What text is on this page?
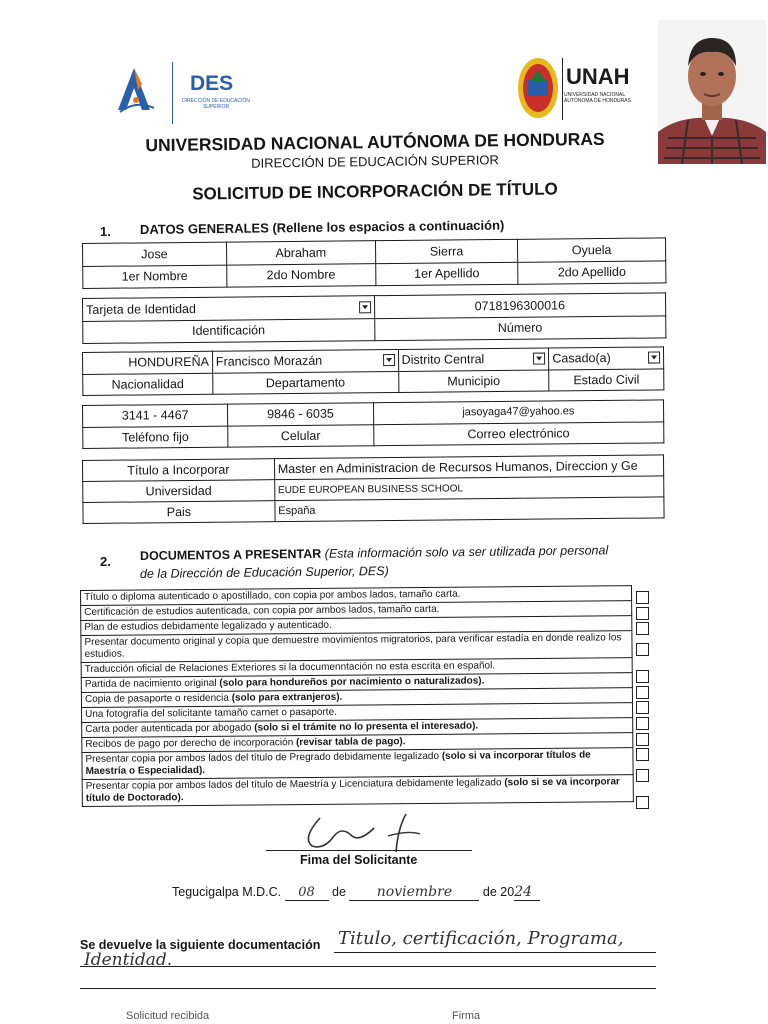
DES
DIRECCIÓN DE EDUCACIÓN SUPERIOR
UNAH
UNIVERSIDAD NACIONAL AUTÓNOMA DE HONDURAS
UNIVERSIDAD NACIONAL AUTÓNOMA DE HONDURAS
DIRECCIÓN DE EDUCACIÓN SUPERIOR
SOLICITUD DE INCORPORACIÓN DE TÍTULO
1. DATOS GENERALES (Rellene los espacios a continuación)
Jose	Abraham	Sierra	Oyuela
1er Nombre	2do Nombre	1er Apellido	2do Apellido
Tarjeta de Identidad	0718196300016
Identificación	Número
HONDUREÑA	Francisco Morazán	Distrito Central	Casado(a)

Nacionalidad	Departamento	Municipio	Estado Civil
3141 - 4467	9846 - 6035	jasoyaga47@yahoo.es
Teléfono fijo	Celular	Correo electrónico
Título a Incorporar	Master en Administracion de Recursos Humanos, Direccion y Ge
Universidad	EUDE EUROPEAN BUSINESS SCHOOL
Pais	España
2. DOCUMENTOS A PRESENTAR (Esta información solo va ser utilizada por personal
de la Dirección de Educación Superior, DES)
Título o diploma autenticado o apostillado, con copia por ambos lados, tamaño carta.
Certificación de estudios autenticada, con copia por ambos lados, tamaño carta.
Plan de estudios debidamente legalizado y autenticado.
Presentar documento original y copia que demuestre movimientos migratorios, para verificar estadía en donde realizo los estudios.
Traducción oficial de Relaciones Exteriores si la documenntación no esta escrita en español.
Partida de nacimiento original (solo para hondureños por nacimiento o naturalizados).
Copia de pasaporte o residencia (solo para extranjeros).
Una fotografía del solicitante tamaño carnet o pasaporte.
Carta poder autenticada por abogado (solo si el trámite no lo presenta el interesado).
Recibos de pago por derecho de incorporación (revisar tabla de pago).
Presentar copia por ambos lados del título de Pregrado debidamente legalizado (solo si va incorporar títulos de Maestría o Especialidad).
Presentar copia por ambos lados del título de Maestría y Licenciatura debidamente legalizado (solo si se va incorporar título de Doctorado).
Fima del Solicitante
Tegucigalpa M.D.C. 08 de noviembre de 2024
Se devuelve la siguiente documentación Titulo, certificación, Programa,
Identidad.
Solicitud recibida	Firma
